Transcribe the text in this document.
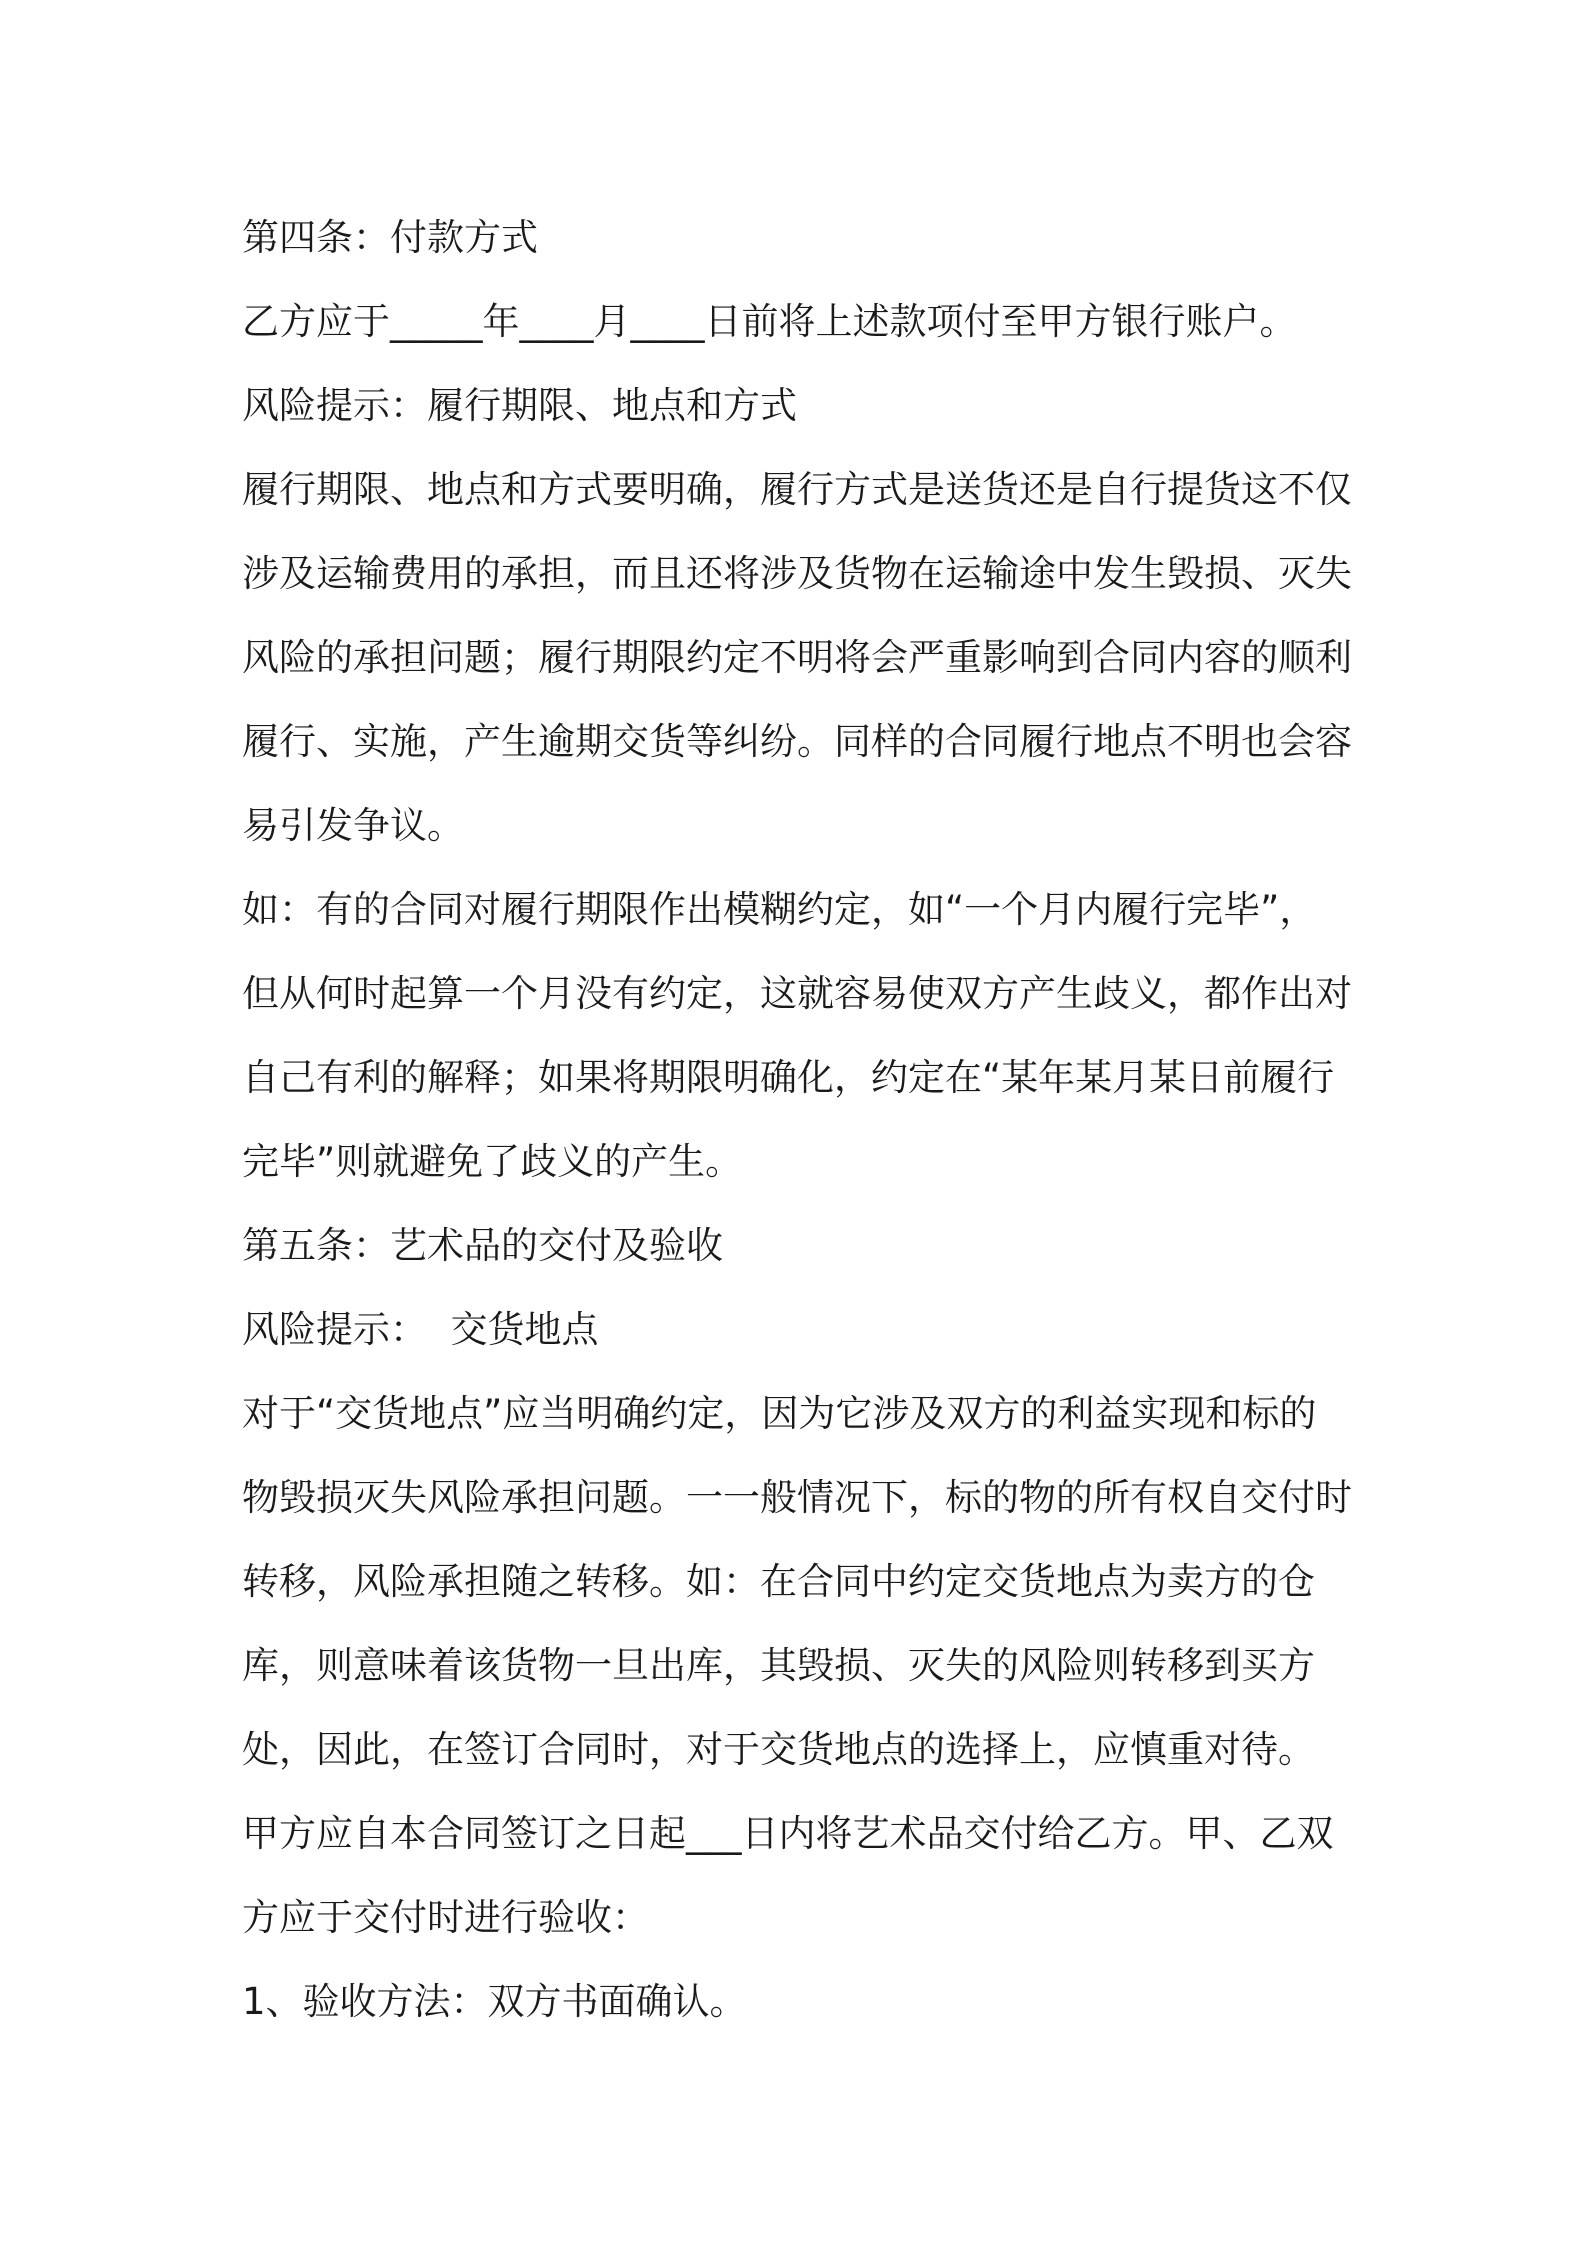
第四条：付款方式

乙方应于_____年____月____日前将上述款项付至甲方银行账户。

风险提示：履行期限、地点和方式

履行期限、地点和方式要明确，履行方式是送货还是自行提货这不仅涉及运输费用的承担，而且还将涉及货物在运输途中发生毁损、灭失风险的承担问题；履行期限约定不明将会严重影响到合同内容的顺利履行、实施，产生逾期交货等纠纷。同样的合同履行地点不明也会容易引发争议。

如：有的合同对履行期限作出模糊约定，如“一个月内履行完毕”，但从何时起算一个月没有约定，这就容易使双方产生歧义，都作出对自己有利的解释；如果将期限明确化，约定在“某年某月某日前履行完毕”则就避免了歧义的产生。

第五条：艺术品的交付及验收

风险提示：  交货地点

对于“交货地点”应当明确约定，因为它涉及双方的利益实现和标的物毁损灭失风险承担问题。一一般情况下，标的物的所有权自交付时转移，风险承担随之转移。如：在合同中约定交货地点为卖方的仓库，则意味着该货物一旦出库，其毁损、灭失的风险则转移到买方处，因此，在签订合同时，对于交货地点的选择上，应慎重对待。

甲方应自本合同签订之日起___日内将艺术品交付给乙方。甲、乙双方应于交付时进行验收：

1、验收方法：双方书面确认。
